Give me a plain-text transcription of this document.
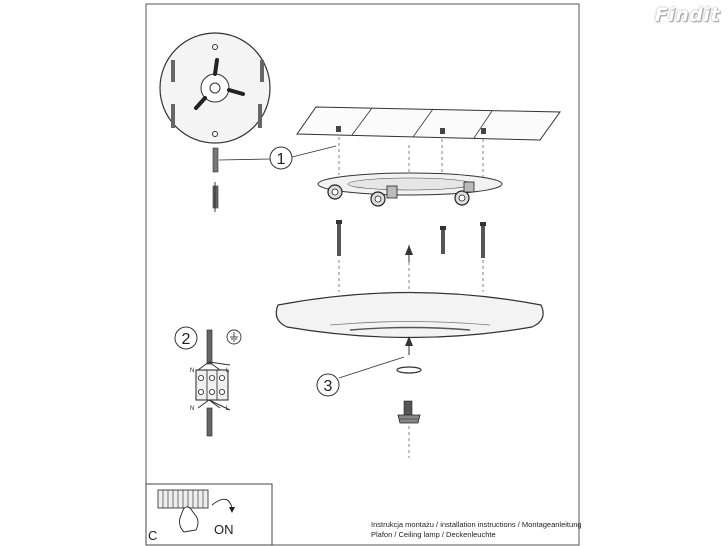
1
3
2
N	L
N	L
C	ON
Findit
Instrukcja montażu / installation instructions / Montageanleitung
Plafon / Ceiling lamp / Deckenleuchte
